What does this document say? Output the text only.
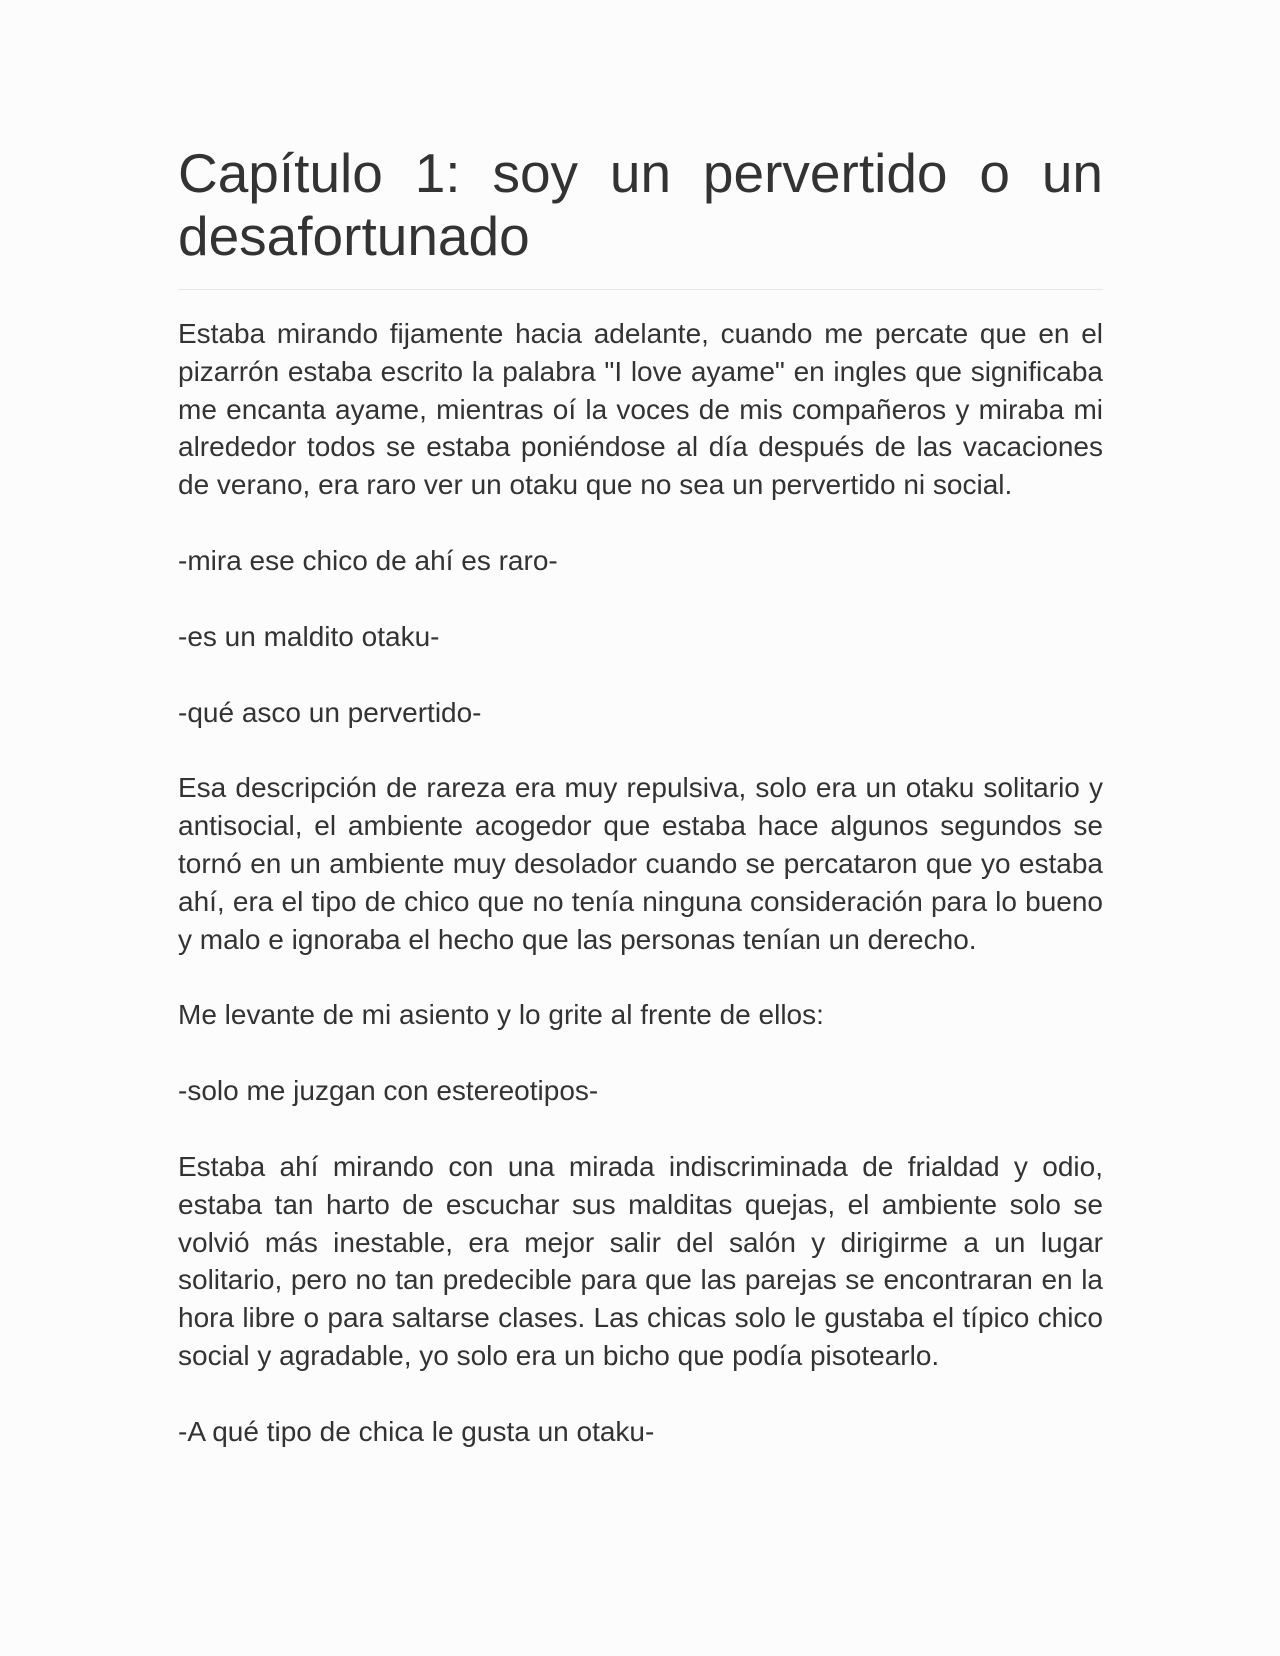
Capítulo 1: soy un pervertido o un desafortunado

Estaba mirando fijamente hacia adelante, cuando me percate que en el pizarrón estaba escrito la palabra "I love ayame" en ingles que significaba me encanta ayame, mientras oí la voces de mis compañeros y miraba mi alrededor todos se estaba poniéndose al día después de las vacaciones de verano, era raro ver un otaku que no sea un pervertido ni social.

-mira ese chico de ahí es raro-

-es un maldito otaku-

-qué asco un pervertido-

Esa descripción de rareza era muy repulsiva, solo era un otaku solitario y antisocial, el ambiente acogedor que estaba hace algunos segundos se tornó en un ambiente muy desolador cuando se percataron que yo estaba ahí, era el tipo de chico que no tenía ninguna consideración para lo bueno y malo e ignoraba el hecho que las personas tenían un derecho.

Me levante de mi asiento y lo grite al frente de ellos:

-solo me juzgan con estereotipos-

Estaba ahí mirando con una mirada indiscriminada de frialdad y odio, estaba tan harto de escuchar sus malditas quejas, el ambiente solo se volvió más inestable, era mejor salir del salón y dirigirme a un lugar solitario, pero no tan predecible para que las parejas se encontraran en la hora libre o para saltarse clases. Las chicas solo le gustaba el típico chico social y agradable, yo solo era un bicho que podía pisotearlo.

-A qué tipo de chica le gusta un otaku-
